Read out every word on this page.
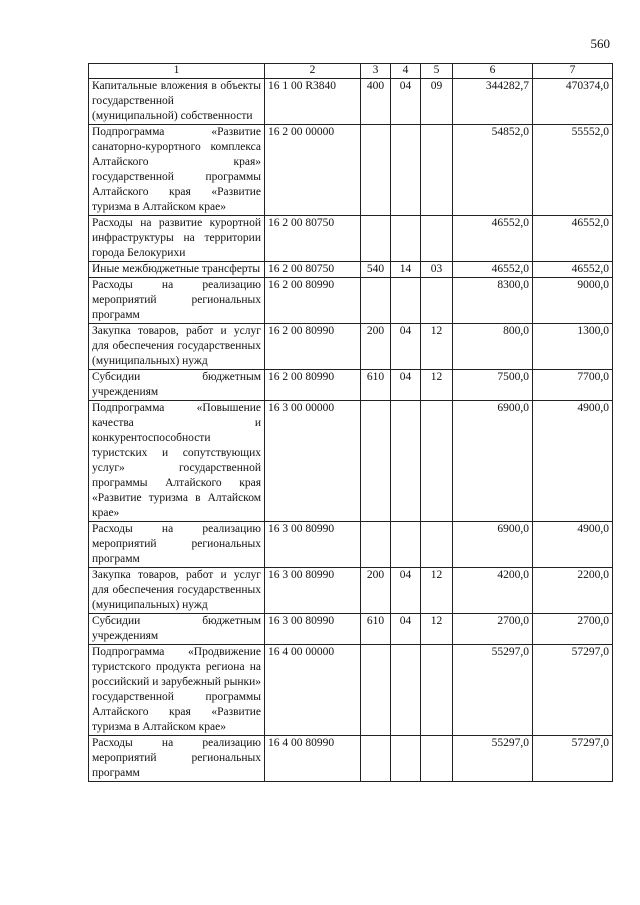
560
1	2	3	4	5	6	7
Капитальные вложения в объекты государственной (муниципальной) собственности	16 1 00 R3840	400	04	09	344282,7	470374,0
Подпрограмма «Развитие санаторно-курортного комплекса Алтайского края» государственной программы Алтайского края «Развитие туризма в Алтайском крае»	16 2 00 00000				54852,0	55552,0
Расходы на развитие курортной инфраструктуры на территории города Белокурихи	16 2 00 80750				46552,0	46552,0
Иные межбюджетные трансферты	16 2 00 80750	540	14	03	46552,0	46552,0
Расходы на реализацию мероприятий региональных программ	16 2 00 80990				8300,0	9000,0
Закупка товаров, работ и услуг для обеспечения государственных (муниципальных) нужд	16 2 00 80990	200	04	12	800,0	1300,0
Субсидии бюджетным учреждениям	16 2 00 80990	610	04	12	7500,0	7700,0
Подпрограмма «Повышение качества и конкурентоспособности туристских и сопутствующих услуг» государственной программы Алтайского края «Развитие туризма в Алтайском крае»	16 3 00 00000				6900,0	4900,0
Расходы на реализацию мероприятий региональных программ	16 3 00 80990				6900,0	4900,0
Закупка товаров, работ и услуг для обеспечения государственных (муниципальных) нужд	16 3 00 80990	200	04	12	4200,0	2200,0
Субсидии бюджетным учреждениям	16 3 00 80990	610	04	12	2700,0	2700,0
Подпрограмма «Продвижение туристского продукта региона на российский и зарубежный рынки» государственной программы Алтайского края «Развитие туризма в Алтайском крае»	16 4 00 00000				55297,0	57297,0
Расходы на реализацию мероприятий региональных программ	16 4 00 80990				55297,0	57297,0
